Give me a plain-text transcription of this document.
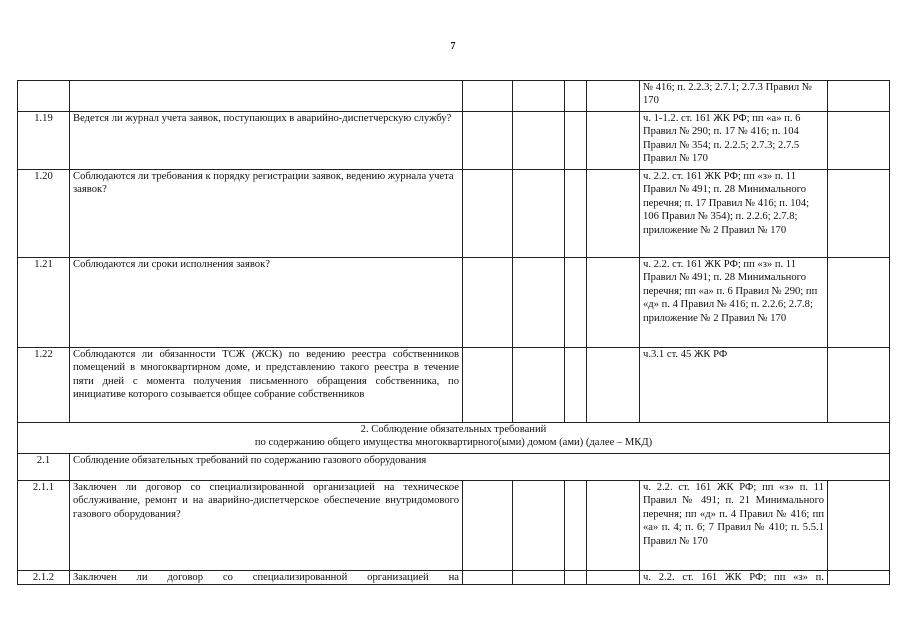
7
						№ 416; п. 2.2.3; 2.7.1; 2.7.3 Правил № 170	
1.19	Ведется ли журнал учета заявок, поступающих в аварийно-диспетчерскую службу?					ч. 1-1.2. ст. 161 ЖК РФ; пп «а» п. 6 Правил № 290; п. 17 № 416; п. 104 Правил № 354; п. 2.2.5; 2.7.3; 2.7.5 Правил № 170	
1.20	Соблюдаются ли требования к порядку регистрации заявок, ведению журнала учета заявок?					ч. 2.2. ст. 161 ЖК РФ; пп «з» п. 11 Правил № 491; п. 28 Минимального перечня; п. 17 Правил № 416; п. 104; 106 Правил № 354); п. 2.2.6; 2.7.8; приложение № 2 Правил № 170	
1.21	Соблюдаются ли сроки исполнения заявок?					ч. 2.2. ст. 161 ЖК РФ; пп «з» п. 11 Правил № 491; п. 28 Минимального перечня; пп «а» п. 6 Правил № 290; пп «д» п. 4 Правил № 416; п. 2.2.6; 2.7.8; приложение № 2 Правил № 170	
1.22	Соблюдаются ли обязанности ТСЖ (ЖСК) по ведению реестра собственников помещений в многоквартирном доме, и представлению такого реестра в течение пяти дней с момента получения письменного обращения собственника, по инициативе которого созывается общее собрание собственников					ч.3.1 ст. 45 ЖК РФ	

2. Соблюдение обязательных требований
по содержанию общего имущества многоквартирного(ыми) домом (ами) (далее – МКД)							

2.1	Соблюдение обязательных требований по содержанию газового оборудования						
2.1.1	Заключен ли договор со специализированной организацией на техническое обслуживание, ремонт и на аварийно-диспетчерское обеспечение внутридомового газового оборудования?					ч. 2.2. ст. 161 ЖК РФ; пп «з» п. 11 Правил № 491; п. 21 Минимального перечня; пп «д» п. 4 Правил № 416; пп «а» п. 4; п. 6; 7 Правил № 410; п. 5.5.1 Правил № 170	
2.1.2	Заключен ли договор со специализированной организацией на					ч. 2.2. ст. 161 ЖК РФ; пп «з» п.	
